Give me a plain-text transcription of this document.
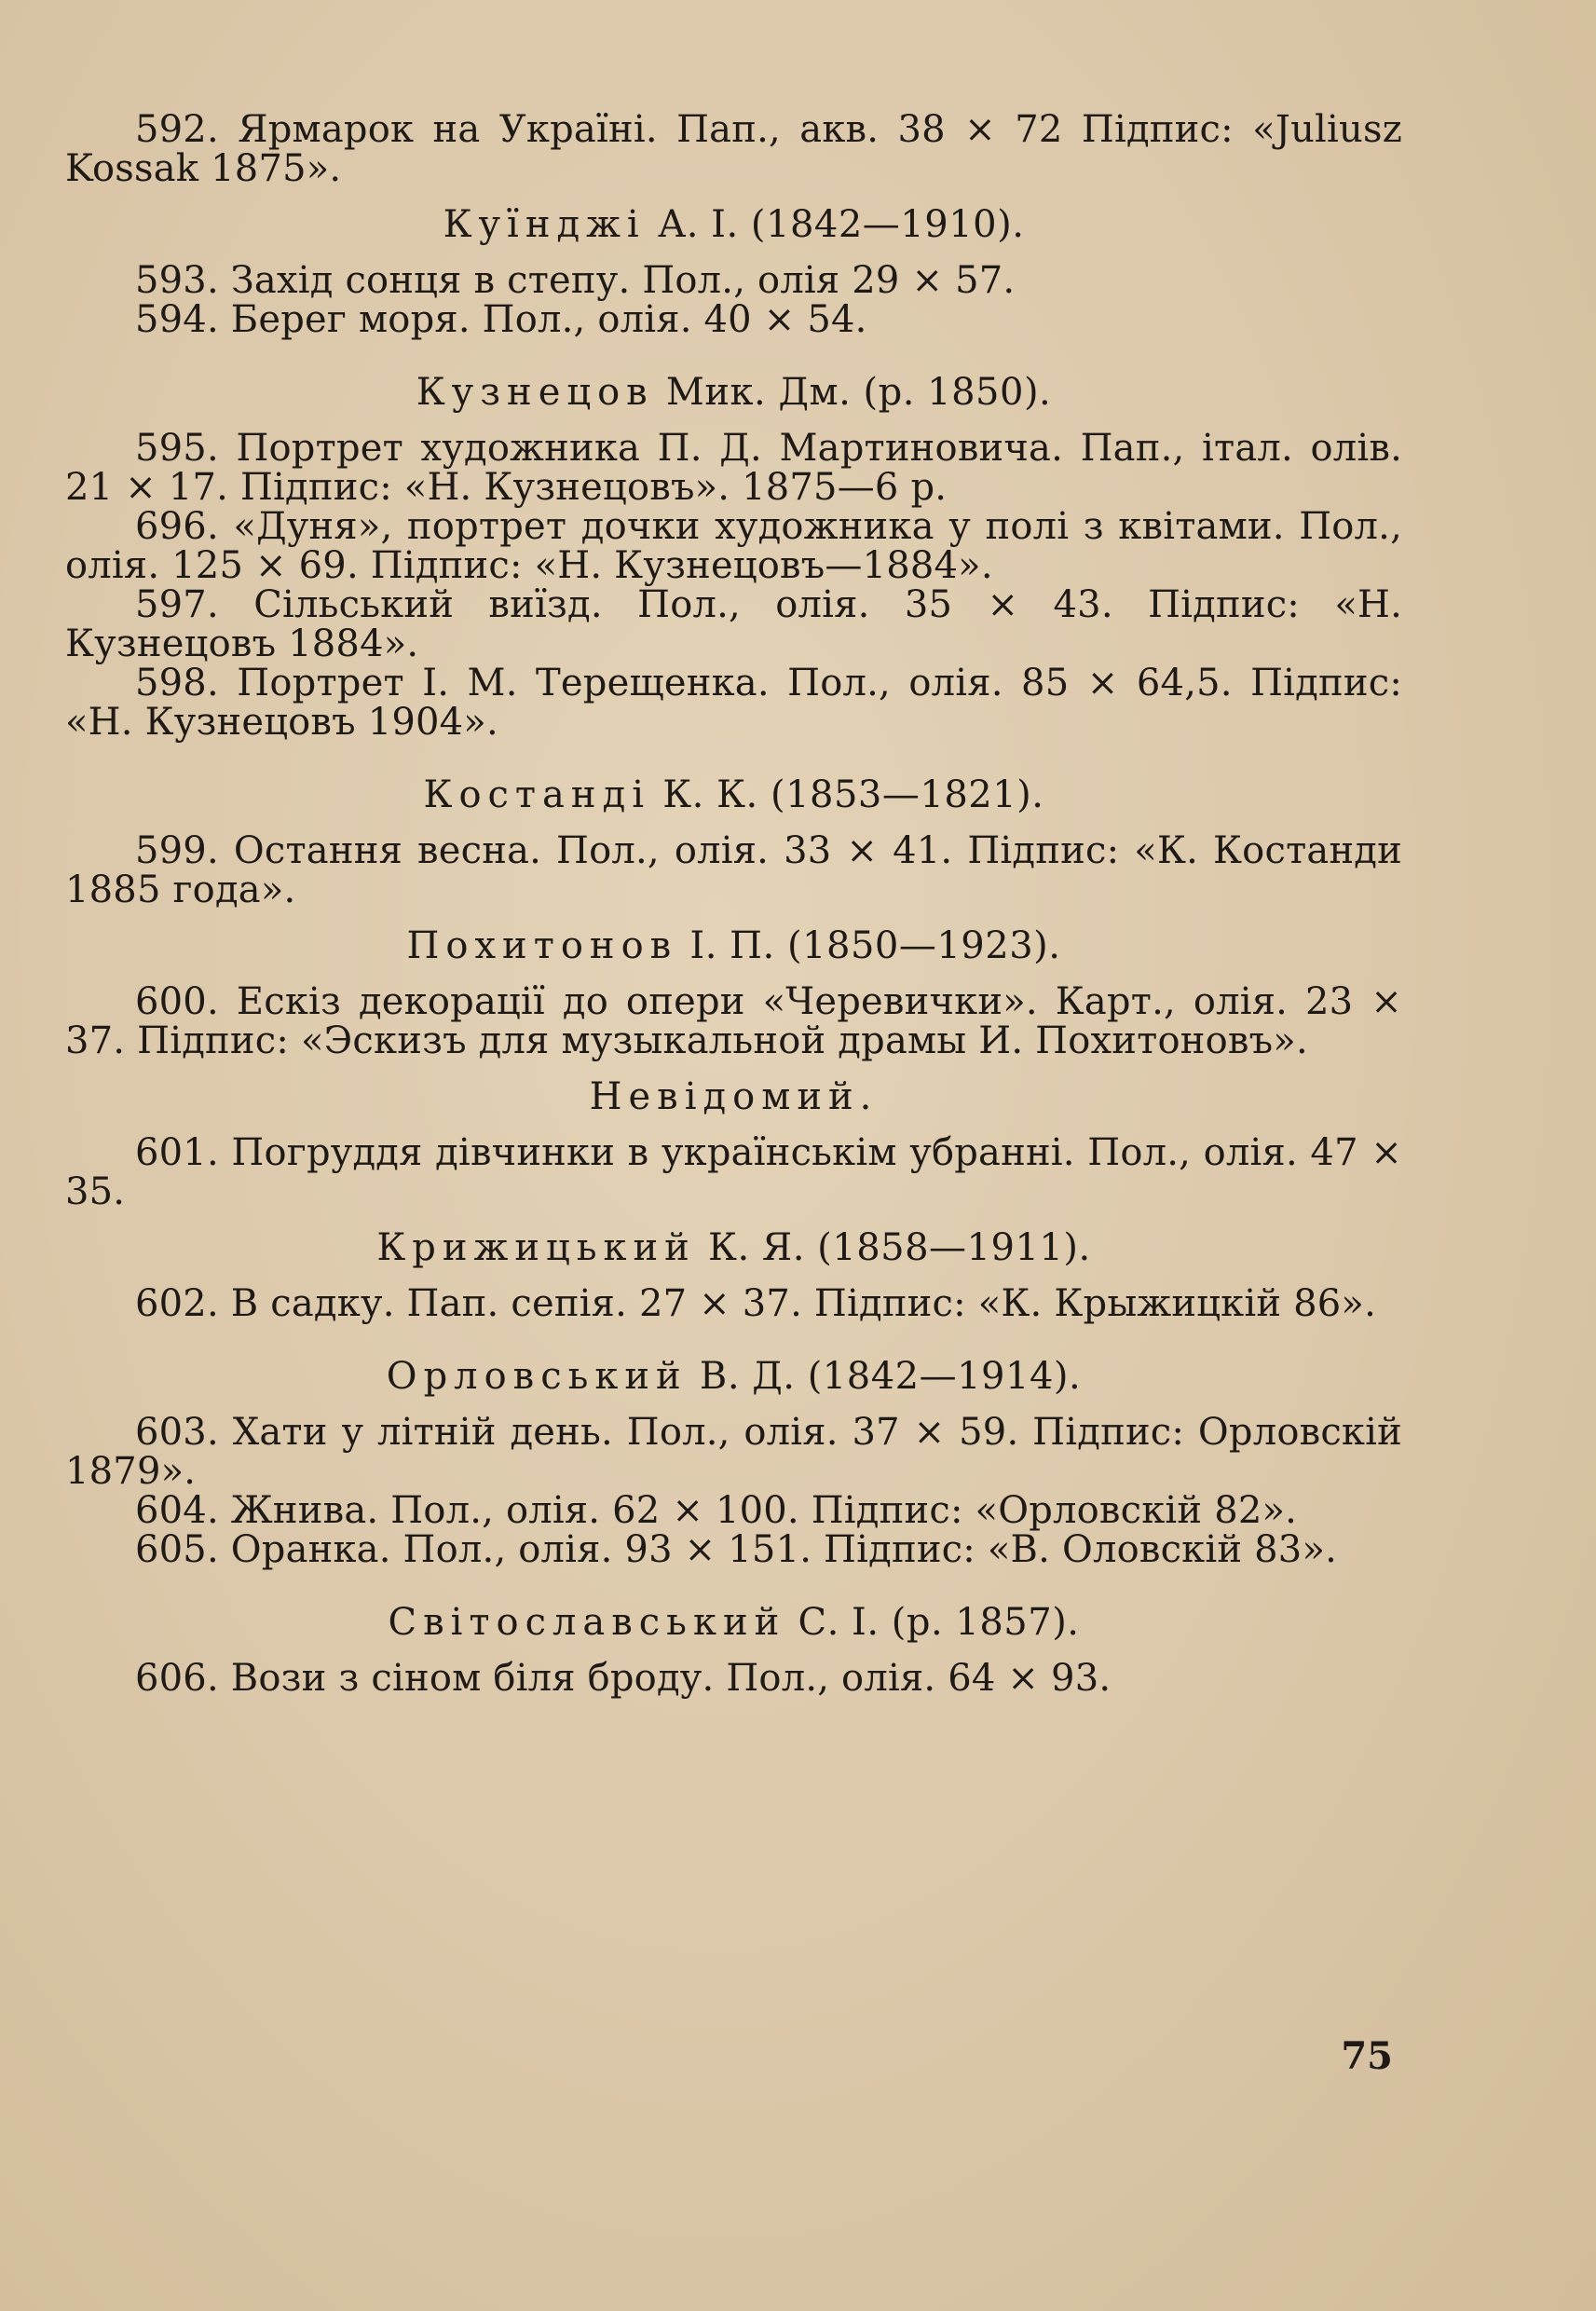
592. Ярмарок на Україні. Пап., акв. 38 × 72 Підпис: «Juliusz Kossak 1875».

Куїнджі А. І. (1842—1910).

593. Захід сонця в степу. Пол., олія 29 × 57.

594. Берег моря. Пол., олія. 40 × 54.

Кузнецов Мик. Дм. (р. 1850).

595. Портрет художника П. Д. Мартиновича. Пап., італ. олів. 21 × 17. Підпис: «Н. Кузнецовъ». 1875—6 р.

696. «Дуня», портрет дочки художника у полі з квітами. Пол., олія. 125 × 69. Підпис: «Н. Кузнецовъ—1884».

597. Сільський виїзд. Пол., олія. 35 × 43. Підпис: «Н. Кузнецовъ 1884».

598. Портрет І. М. Терещенка. Пол., олія. 85 × 64,5. Підпис: «Н. Кузнецовъ 1904».

Костанді К. К. (1853—1821).

599. Остання весна. Пол., олія. 33 × 41. Підпис: «К. Костанди 1885 года».

Похитонов І. П. (1850—1923).

600. Ескіз декорації до опери «Черевички». Карт., олія. 23 × 37. Підпис: «Эскизъ для музыкальной драмы И. Похитоновъ».

Невідомий.

601. Погруддя дівчинки в українськім убранні. Пол., олія. 47 × 35.

Крижицький К. Я. (1858—1911).

602. В садку. Пап. сепія. 27 × 37. Підпис: «К. Крыжицкій 86».

Орловський В. Д. (1842—1914).

603. Хати у літній день. Пол., олія. 37 × 59. Підпис: Орловскій 1879».

604. Жнива. Пол., олія. 62 × 100. Підпис: «Орловскій 82».

605. Оранка. Пол., олія. 93 × 151. Підпис: «В. Оловскій 83».

Світославський С. І. (р. 1857).

606. Вози з сіном біля броду. Пол., олія. 64 × 93.

75
